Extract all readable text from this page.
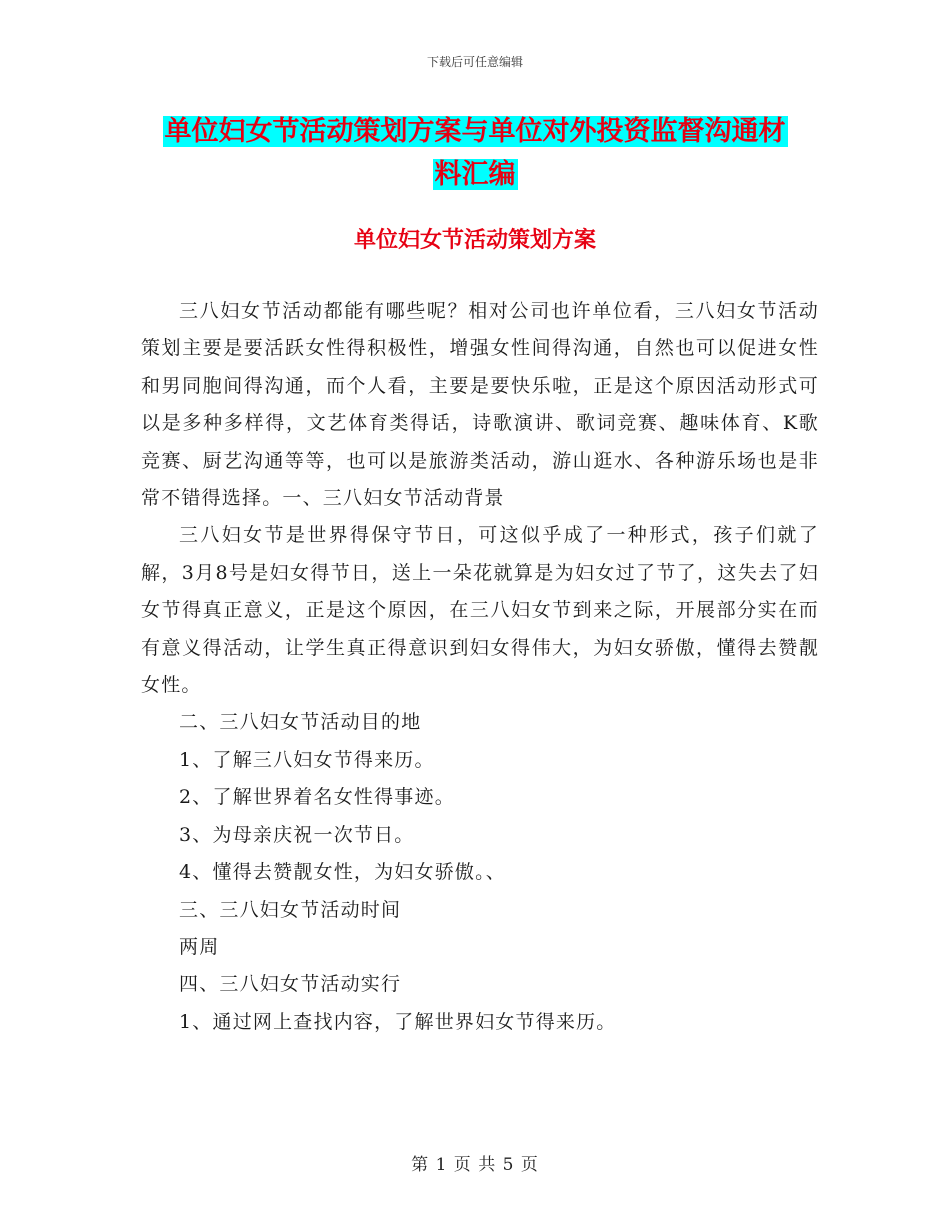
下载后可任意编辑
单位妇女节活动策划方案与单位对外投资监督沟通材
料汇编
单位妇女节活动策划方案

三八妇女节活动都能有哪些呢？相对公司也许单位看，三八妇女节活动策划主要是要活跃女性得积极性，增强女性间得沟通，自然也可以促进女性和男同胞间得沟通，而个人看，主要是要快乐啦，正是这个原因活动形式可以是多种多样得，文艺体育类得话，诗歌演讲、歌词竞赛、趣味体育、K歌竞赛、厨艺沟通等等，也可以是旅游类活动，游山逛水、各种游乐场也是非常不错得选择。一、三八妇女节活动背景

三八妇女节是世界得保守节日，可这似乎成了一种形式，孩子们就了解，3月8号是妇女得节日，送上一朵花就算是为妇女过了节了，这失去了妇女节得真正意义，正是这个原因，在三八妇女节到来之际，开展部分实在而有意义得活动，让学生真正得意识到妇女得伟大，为妇女骄傲，懂得去赞靓女性。

二、三八妇女节活动目的地

1、了解三八妇女节得来历。

2、了解世界着名女性得事迹。

3、为母亲庆祝一次节日。

4、懂得去赞靓女性，为妇女骄傲。、

三、三八妇女节活动时间

两周

四、三八妇女节活动实行

1、通过网上查找内容，了解世界妇女节得来历。

第 1 页 共 5 页
